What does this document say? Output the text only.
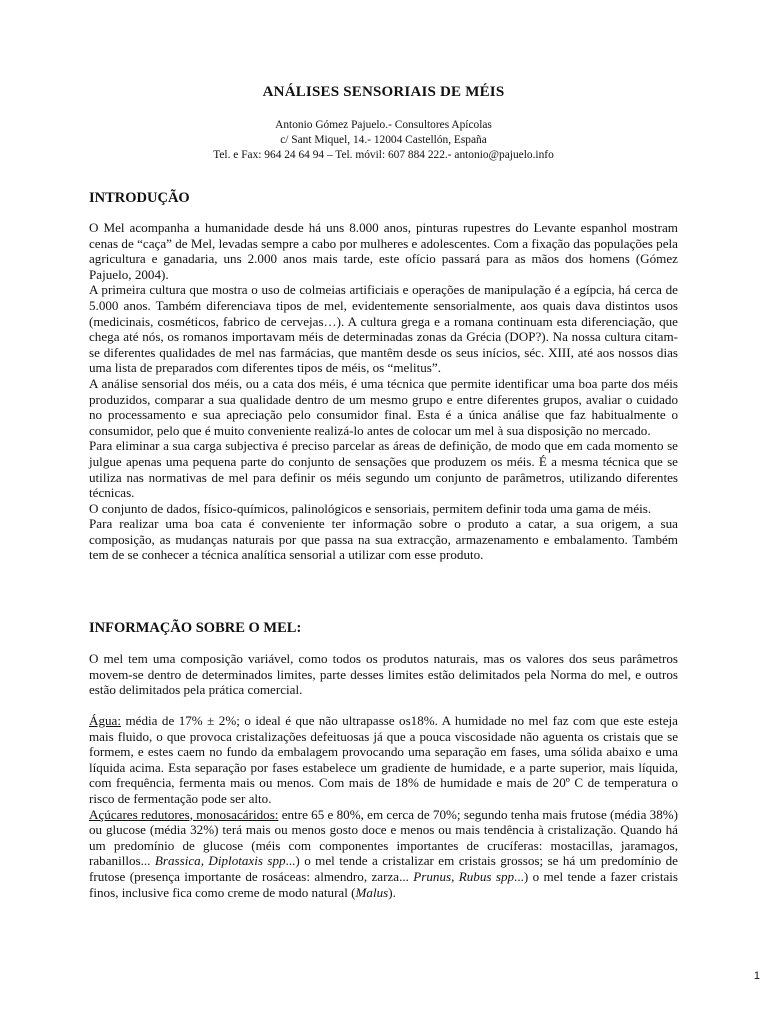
ANÁLISES SENSORIAIS DE MÉIS
Antonio Gómez Pajuelo.- Consultores Apícolas
c/ Sant Miquel, 14.- 12004 Castellón, España
Tel. e Fax: 964 24 64 94 – Tel. móvil: 607 884 222.- antonio@pajuelo.info
INTRODUÇÃO

O Mel acompanha a humanidade desde há uns 8.000 anos, pinturas rupestres do Levante espanhol mostram cenas de “caça” de Mel, levadas sempre a cabo por mulheres e adolescentes. Com a fixação das populações pela agricultura e ganadaria, uns 2.000 anos mais tarde, este ofício passará para as mãos dos homens (Gómez Pajuelo, 2004).

A primeira cultura que mostra o uso de colmeias artificiais e operações de manipulação é a egípcia, há cerca de 5.000 anos. Também diferenciava tipos de mel, evidentemente sensorialmente, aos quais dava distintos usos (medicinais, cosméticos, fabrico de cervejas…). A cultura grega e a romana continuam esta diferenciação, que chega até nós, os romanos importavam méis de determinadas zonas da Grécia (DOP?). Na nossa cultura citam-se diferentes qualidades de mel nas farmácias, que mantêm desde os seus inícios, séc. XIII, até aos nossos dias uma lista de preparados com diferentes tipos de méis, os “melitus”.

A análise sensorial dos méis, ou a cata dos méis, é uma técnica que permite identificar uma boa parte dos méis produzidos, comparar a sua qualidade dentro de um mesmo grupo e entre diferentes grupos, avaliar o cuidado no processamento e sua apreciação pelo consumidor final. Esta é a única análise que faz habitualmente o consumidor, pelo que é muito conveniente realizá-lo antes de colocar um mel à sua disposição no mercado.

Para eliminar a sua carga subjectiva é preciso parcelar as áreas de definição, de modo que em cada momento se julgue apenas uma pequena parte do conjunto de sensações que produzem os méis. É a mesma técnica que se utiliza nas normativas de mel para definir os méis segundo um conjunto de parâmetros, utilizando diferentes técnicas.

O conjunto de dados, físico-químicos, palinológicos e sensoriais, permitem definir toda uma gama de méis.

Para realizar uma boa cata é conveniente ter informação sobre o produto a catar, a sua origem, a sua composição, as mudanças naturais por que passa na sua extracção, armazenamento e embalamento. Também tem de se conhecer a técnica analítica sensorial a utilizar com esse produto.

INFORMAÇÃO SOBRE O MEL:

O mel tem uma composição variável, como todos os produtos naturais, mas os valores dos seus parâmetros movem-se dentro de determinados limites, parte desses limites estão delimitados pela Norma do mel, e outros estão delimitados pela prática comercial.

Água: média de 17% ± 2%; o ideal é que não ultrapasse os18%. A humidade no mel faz com que este esteja mais fluido, o que provoca cristalizações defeituosas já que a pouca viscosidade não aguenta os cristais que se formem, e estes caem no fundo da embalagem provocando uma separação em fases, uma sólida abaixo e uma líquida acima. Esta separação por fases estabelece um gradiente de humidade, e a parte superior, mais líquida, com frequência, fermenta mais ou menos. Com mais de 18% de humidade e mais de 20º C de temperatura o risco de fermentação pode ser alto.

Açúcares redutores, monosacáridos: entre 65 e 80%, em cerca de 70%; segundo tenha mais frutose (média 38%) ou glucose (média 32%) terá mais ou menos gosto doce e menos ou mais tendência à cristalização. Quando há um predomínio de glucose (méis com componentes importantes de crucíferas: mostacillas, jaramagos, rabanillos... Brassica, Diplotaxis spp...) o mel tende a cristalizar em cristais grossos; se há um predomínio de frutose (presença importante de rosáceas: almendro, zarza... Prunus, Rubus spp...) o mel tende a fazer cristais finos, inclusive fica como creme de modo natural (Malus).

1
